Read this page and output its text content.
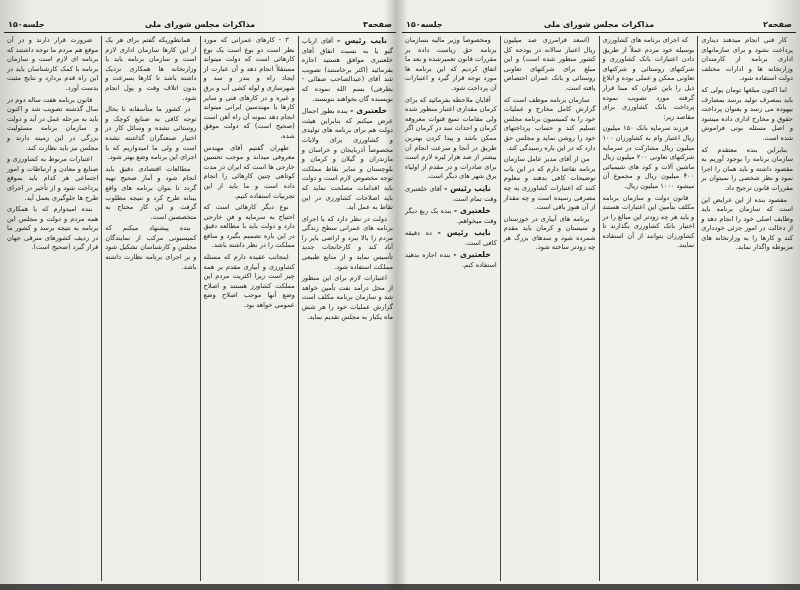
صفحه۳
مذاکرات مجلس شورای ملی
جلسه۱۵۰

نایب رئیس - آقای ارباب گیو یا به نسبت اتفاق آقای خلعتبری موافق هستید اجازه بفرمائید (اکثر برخاستند) تصویب شد آقای (عبدالصاحب صفائی - بطرفی) بسم الله نموده که نویسنده گان بخواهند بنویسند.

خلعتبری - بنده بطور اجمال عرض میکنم که بنابراین هیئت دولت هم برای برنامه های تولیدی و کشاورزی برای ولایات مخصوصاً آذربایجان و خراسان و مازندران و گیلان و کرمان و بلوچستان و سایر نقاط مملکت توجه مخصوص لازم است و دولت باید اقدامات مصلحت نماید که باید اصلاحات کشاورزی در این نقاط به عمل آید.

دولت در نظر دارد که با اجرای برنامه های عمرانی سطح زندگی مردم را بالا ببرد و اراضی بایر را آباد کند و کارخانجات جدید تأسیس نماید و از منابع طبیعی مملکت استفاده شود.

اعتبارات لازم برای این منظور از محل درآمد نفت تأمین خواهد شد و سازمان برنامه مکلف است گزارش عملیات خود را هر شش ماه یکبار به مجلس تقدیم نماید.

۳ - کارهای عمرانی که مورد نظر است دو نوع است یک نوع کارهائی است که دولت میتواند مستقلاً انجام دهد و آن عبارت از ایجاد راه و بندر و سد و شهرسازی و لوله کشی آب و برق و غیره و در کارهای فنی و سایر کارها با مهندسین ایرانی میتواند انجام دهد نمونه آن راه آهن است (صحیح است) که دولت موفق شده.

طهران گفتیم آقای مهندس معروفی میداند و موجب تحسین خارجی ها است که ایران در مدت کوتاهی چنین کارهائی را انجام داده است و ما باید از این تجربیات استفاده کنیم.

نوع دیگر کارهائی است که احتیاج به سرمایه و فن خارجی دارد و دولت باید با مطالعه دقیق در این باره تصمیم بگیرد و منافع مملکت را در نظر داشته باشد.

اینجانب عقیده دارم که مسئله کشاورزی و آبیاری مقدم بر همه چیز است زیرا اکثریت مردم این مملکت کشاورز هستند و اصلاح وضع آنها موجب اصلاح وضع عمومی خواهد بود.

همانطوریکه گفتم برای هر یک از این کارها سازمان اداری لازم است و سازمان برنامه باید با وزارتخانه ها همکاری نزدیک داشته باشد تا کارها بسرعت و بدون اتلاف وقت و پول انجام شود.

در کشور ما متأسفانه تا بحال توجه کافی به صنایع کوچک و روستائی نشده و وسائل کار در اختیار صنعتگران گذاشته نشده است و ولی ما امیدواریم که با اجرای این برنامه وضع بهتر شود.

مطالعات اقتصادی دقیق باید انجام شود و آمار صحیح تهیه گردد تا بتوان برنامه های واقع بینانه طرح کرد و نتیجه مطلوب گرفت و این کار محتاج به متخصصین است.

بنده پیشنهاد میکنم که کمیسیونی مرکب از نمایندگان مجلس و کارشناسان تشکیل شود و بر اجرای برنامه نظارت داشته باشد.

ضرورت قرار دارند و در آن موقع هم مردم ما توجه داشتند که برنامه ای لازم است و سازمان برنامه با کمک کارشناسان باید در این راه قدم بردارد و نتایج مثبت بدست آورد.

قانون برنامه هفت ساله دوم در سال گذشته تصویب شد و اکنون باید به مرحله عمل در آید و دولت و سازمان برنامه مسئولیت بزرگی در این زمینه دارند و مجلس نیز باید نظارت کند.

اعتبارات مربوط به کشاورزی و صنایع و معادن و ارتباطات و امور اجتماعی هر کدام باید بموقع پرداخت شود و از تأخیر در اجرای طرح ها جلوگیری بعمل آید.

بنده امیدوارم که با همکاری همه مردم و دولت و مجلس این برنامه به نتیجه برسد و کشور ما در ردیف کشورهای مترقی جهان قرار گیرد (صحیح است).

صفحه۲
مذاکرات مجلس شورای ملی
جلسه۱۵۰

کار فنی انجام میدهند دیناری پرداخت نشود و برای سازمانهای اداری برنامه از کارمندان وزارتخانه ها و ادارات مختلف دولت استفاده شود.

اما اکنون مبلغها تومان پولی که باید بمصرف تولید برسد بمصارف بیهوده می رسد و بعنوان پرداخت حقوق و مخارج اداری داده میشود و اصل مسئله بوتی فراموش شده است.

بنابراین بنده معتقدم که سازمان برنامه را بوجود آوریم به مقصود داشته و باید همان را اجرا نمود و نظر شخصی را نمیتوان بر مقررات قانون ترجیح داد.

مقصود بنده از این عرایض این است که سازمان برنامه باید وظایف اصلی خود را انجام دهد و از دخالت در امور جزئی خودداری کند و کارها را به وزارتخانه های مربوطه واگذار نماید.

که اجرای برنامه های کشاورزی بوسیله خود مردم عملاً از طریق دادن اعتبارات بانک کشاورزی و شرکتهای روستائی و شرکتهای تعاونی ممکن و عملی بوده و ابلاغ ذیل را باین عنوان که مبنا قرار گرفته مورد تصویب نموده پرداخت بانک کشاورزی برای مقاصد زیر:

فرزند سرمایه بانک ۱۵۰ میلیون ریال اعتبار وام به کشاورزان ۱۰۰ میلیون ریال مشارکت در سرمایه شرکتهای تعاونی ۲۰۰ میلیون ریال ماشین آلات و کود های شیمیائی ۴۰۰ میلیون ریال و مجموع آن میشود ۱۰۰۰ میلیون ریال.

قانون دولت و سازمان برنامه مکلف بتأمین این اعتبارات هستند و باید هر چه زودتر این مبالغ را در اختیار بانک کشاورزی بگذارند تا کشاورزان بتوانند از آن استفاده نمایند.

(اسعد فرامرزی صد میلیون ریال اعتبار سالانه در بودجه کل کشور منظور شده است) و این مبلغ برای شرکتهای تعاونی روستائی و بانک عمران اختصاص یافته است.

سازمان برنامه موظف است که گزارش کامل مخارج و عملیات خود را به کمیسیون برنامه مجلس تسلیم کند و حساب پرداختهای خود را روشن نماید و مجلس حق دارد که در این باره رسیدگی کند.

من از آقای مدیر عامل سازمان برنامه تقاضا دارم که در این باب توضیحات کافی بدهند و معلوم کنند که اعتبارات کشاورزی به چه مصرفی رسیده است و چه مقدار از آن هنوز باقی است.

برنامه های آبیاری در خوزستان و سیستان و کرمان باید مقدم شمرده شود و سدهای بزرگ هر چه زودتر ساخته شود.

ومخصوصاً وزیر مالیه بسازمان برنامه حق ریاست داده بر مقررات قانون تعمیرشده و بعد ما اتفاق کردیم که این برنامه ها مورد توجه قرار گیرد و اعتبارات آن پرداخت شود.

آقایان ملاحظه بفرمائید که برای کرمان مقداری اعتبار منظور شده ولی مقامات تمیع قنوات معروفه کرمان و احداث سد در کرمان اگر ممکن باشد و پیدا کردن بهترین طریق در آنجا و سرعت انجام آن بیشتر از صد هزار لیره لازم است برای صادرات و در مقدم از اولیاء برق شهر های دیگر است.

نایب رئیس - آقای خلعتبری وقت تمام است.

خلعتبری - بنده یک ربع دیگر وقت میخواهم.

نایب رئیس - ده دقیقه کافی است.

خلعتبری - بنده اجازه بدهید استفاده کنم.
